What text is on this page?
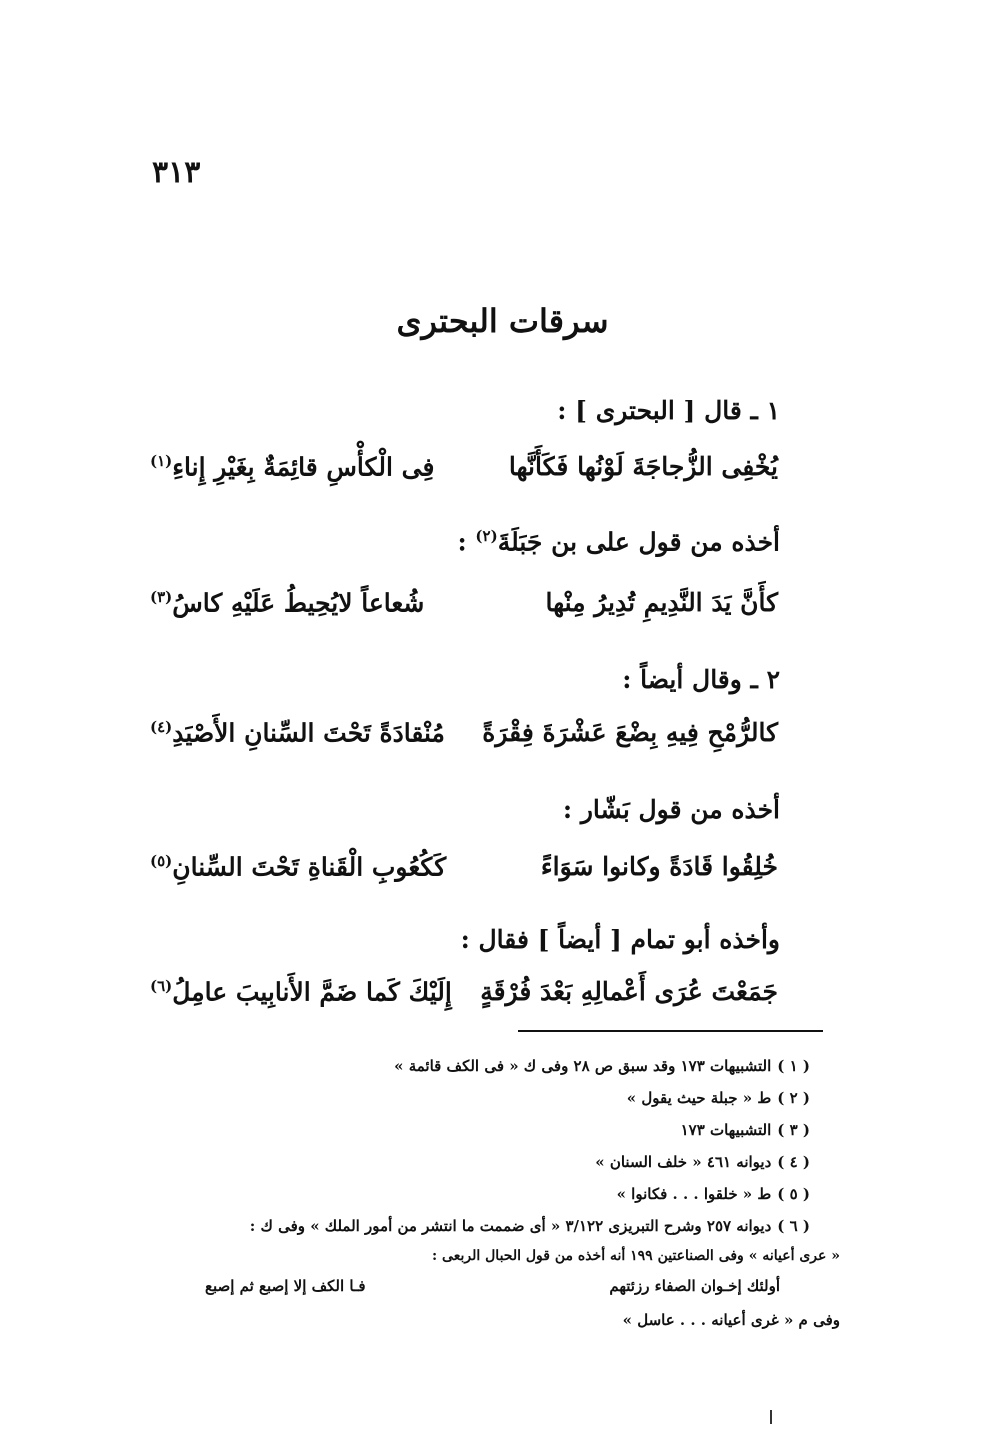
٣١٣
سرقات البحترى
١ ـ قال [ البحترى ] :
يُخْفِى الزُّجاجَةَ لَوْنُها فَكَأَنَّها
فِى الْكأْسِ قائِمَةٌ بِغَيْرِ إِناءِ$^{(١)}$
أخذه من قول على بن جَبَلَةَ$^{(٢)}$ :
كأَنَّ يَدَ النَّدِيمِ تُدِيرُ مِنْها
شُعاعاً لايُحِيطُ عَلَيْهِ كاسُ$^{(٣)}$
٢ ـ وقال أيضاً :
كالرُّمْحِ فِيهِ بِضْعَ عَشْرَةَ فِقْرَةً
مُنْقادَةً تَحْتَ السِّنانِ الأَصْيَدِ$^{(٤)}$
أخذه من قول بَشّار :
خُلِقُوا قَادَةً وكانوا سَوَاءً
كَكُعُوبِ الْقَناةِ تَحْتَ السِّنانِ$^{(٥)}$
وأخذه أبو تمام [ أيضاً ] فقال :
جَمَعْتَ عُرَى أَعْمالِهِ بَعْدَ فُرْقَةٍ
إِلَيْكَ كَما ضَمَّ الأَنابِيبَ عامِلُ$^{(٦)}$
( ١ )التشبيهات ١٧٣ وقد سبق ص ٢٨ وفى ك « فى الكف قائمة »
( ٢ )ط « جبلة حيث يقول »
( ٣ )التشبيهات ١٧٣
( ٤ )ديوانه ٤٦١ « خلف السنان »
( ٥ )ط « خلقوا . . . فكانوا »
( ٦ )ديوانه ٢٥٧ وشرح التبريزى ٣/١٢٢ « أى ضممت ما انتشر من أمور الملك » وفى ك :
« عرى أعيانه » وفى الصناعتين ١٩٩ أنه أخذه من قول الحبال الربعى :
أولئك إخـوان الصفاء رزئتهم
فـا الكف إلا إصبع ثم إصبع
وفى م « غرى أعيانه . . . عاسل »
